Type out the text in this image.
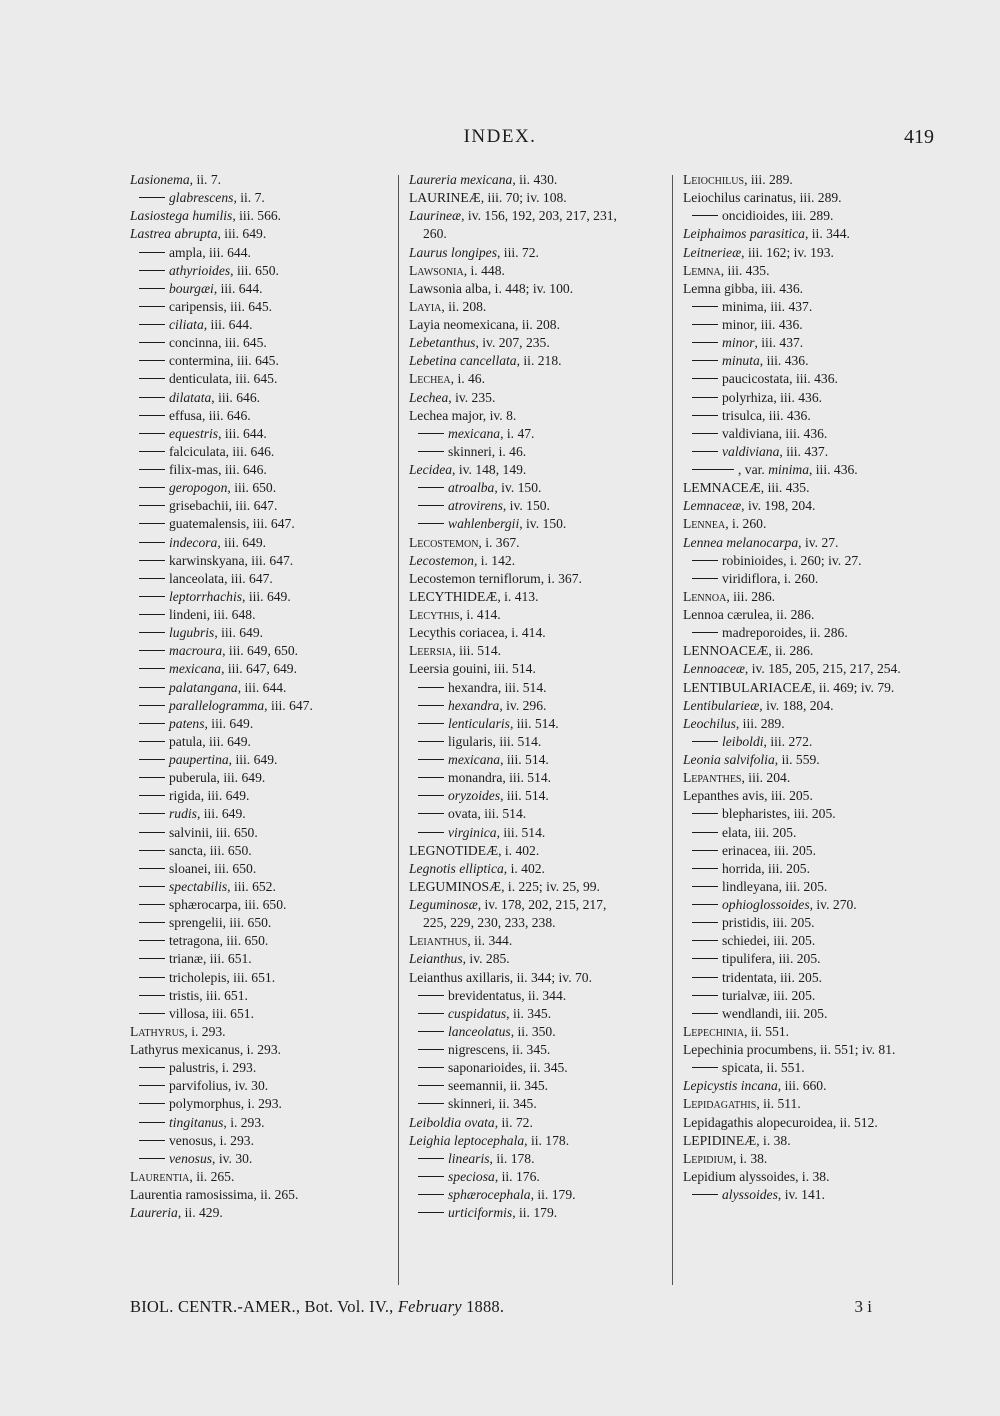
INDEX.	419
Lasionema, ii. 7.
glabrescens, ii. 7.
Lasiostega humilis, iii. 566.
Lastrea abrupta, iii. 649.
ampla, iii. 644.
athyrioides, iii. 650.
bourgæi, iii. 644.
caripensis, iii. 645.
ciliata, iii. 644.
concinna, iii. 645.
contermina, iii. 645.
denticulata, iii. 645.
dilatata, iii. 646.
effusa, iii. 646.
equestris, iii. 644.
falciculata, iii. 646.
filix-mas, iii. 646.
geropogon, iii. 650.
grisebachii, iii. 647.
guatemalensis, iii. 647.
indecora, iii. 649.
karwinskyana, iii. 647.
lanceolata, iii. 647.
leptorrhachis, iii. 649.
lindeni, iii. 648.
lugubris, iii. 649.
macroura, iii. 649, 650.
mexicana, iii. 647, 649.
palatangana, iii. 644.
parallelogramma, iii. 647.
patens, iii. 649.
patula, iii. 649.
paupertina, iii. 649.
puberula, iii. 649.
rigida, iii. 649.
rudis, iii. 649.
salvinii, iii. 650.
sancta, iii. 650.
sloanei, iii. 650.
spectabilis, iii. 652.
sphærocarpa, iii. 650.
sprengelii, iii. 650.
tetragona, iii. 650.
trianæ, iii. 651.
tricholepis, iii. 651.
tristis, iii. 651.
villosa, iii. 651.
Lathyrus, i. 293.
Lathyrus mexicanus, i. 293.
palustris, i. 293.
parvifolius, iv. 30.
polymorphus, i. 293.
tingitanus, i. 293.
venosus, i. 293.
venosus, iv. 30.
Laurentia, ii. 265.
Laurentia ramosissima, ii. 265.
Laureria, ii. 429.
Laureria mexicana, ii. 430.
LAURINEÆ, iii. 70; iv. 108.
Laurineæ, iv. 156, 192, 203, 217, 231,
260.
Laurus longipes, iii. 72.
Lawsonia, i. 448.
Lawsonia alba, i. 448; iv. 100.
Layia, ii. 208.
Layia neomexicana, ii. 208.
Lebetanthus, iv. 207, 235.
Lebetina cancellata, ii. 218.
Lechea, i. 46.
Lechea, iv. 235.
Lechea major, iv. 8.
mexicana, i. 47.
skinneri, i. 46.
Lecidea, iv. 148, 149.
atroalba, iv. 150.
atrovirens, iv. 150.
wahlenbergii, iv. 150.
Lecostemon, i. 367.
Lecostemon, i. 142.
Lecostemon terniflorum, i. 367.
LECYTHIDEÆ, i. 413.
Lecythis, i. 414.
Lecythis coriacea, i. 414.
Leersia, iii. 514.
Leersia gouini, iii. 514.
hexandra, iii. 514.
hexandra, iv. 296.
lenticularis, iii. 514.
ligularis, iii. 514.
mexicana, iii. 514.
monandra, iii. 514.
oryzoides, iii. 514.
ovata, iii. 514.
virginica, iii. 514.
LEGNOTIDEÆ, i. 402.
Legnotis elliptica, i. 402.
LEGUMINOSÆ, i. 225; iv. 25, 99.
Leguminosæ, iv. 178, 202, 215, 217,
225, 229, 230, 233, 238.
Leianthus, ii. 344.
Leianthus, iv. 285.
Leianthus axillaris, ii. 344; iv. 70.
brevidentatus, ii. 344.
cuspidatus, ii. 345.
lanceolatus, ii. 350.
nigrescens, ii. 345.
saponarioides, ii. 345.
seemannii, ii. 345.
skinneri, ii. 345.
Leiboldia ovata, ii. 72.
Leighia leptocephala, ii. 178.
linearis, ii. 178.
speciosa, ii. 176.
sphærocephala, ii. 179.
urticiformis, ii. 179.
Leiochilus, iii. 289.
Leiochilus carinatus, iii. 289.
oncidioides, iii. 289.
Leiphaimos parasitica, ii. 344.
Leitnerieæ, iii. 162; iv. 193.
Lemna, iii. 435.
Lemna gibba, iii. 436.
minima, iii. 437.
minor, iii. 436.
minor, iii. 437.
minuta, iii. 436.
paucicostata, iii. 436.
polyrhiza, iii. 436.
trisulca, iii. 436.
valdiviana, iii. 436.
valdiviana, iii. 437.
, var. minima, iii. 436.
LEMNACEÆ, iii. 435.
Lemnaceæ, iv. 198, 204.
Lennea, i. 260.
Lennea melanocarpa, iv. 27.
robinioides, i. 260; iv. 27.
viridiflora, i. 260.
Lennoa, iii. 286.
Lennoa cærulea, ii. 286.
madreporoides, ii. 286.
LENNOACEÆ, ii. 286.
Lennoaceæ, iv. 185, 205, 215, 217, 254.
LENTIBULARIACEÆ, ii. 469; iv. 79.
Lentibularieæ, iv. 188, 204.
Leochilus, iii. 289.
leiboldi, iii. 272.
Leonia salvifolia, ii. 559.
Lepanthes, iii. 204.
Lepanthes avis, iii. 205.
blepharistes, iii. 205.
elata, iii. 205.
erinacea, iii. 205.
horrida, iii. 205.
lindleyana, iii. 205.
ophioglossoides, iv. 270.
pristidis, iii. 205.
schiedei, iii. 205.
tipulifera, iii. 205.
tridentata, iii. 205.
turialvæ, iii. 205.
wendlandi, iii. 205.
Lepechinia, ii. 551.
Lepechinia procumbens, ii. 551; iv. 81.
spicata, ii. 551.
Lepicystis incana, iii. 660.
Lepidagathis, ii. 511.
Lepidagathis alopecuroidea, ii. 512.
LEPIDINEÆ, i. 38.
Lepidium, i. 38.
Lepidium alyssoides, i. 38.
alyssoides, iv. 141.
BIOL. CENTR.-AMER., Bot. Vol. IV., February 1888.	3 i
